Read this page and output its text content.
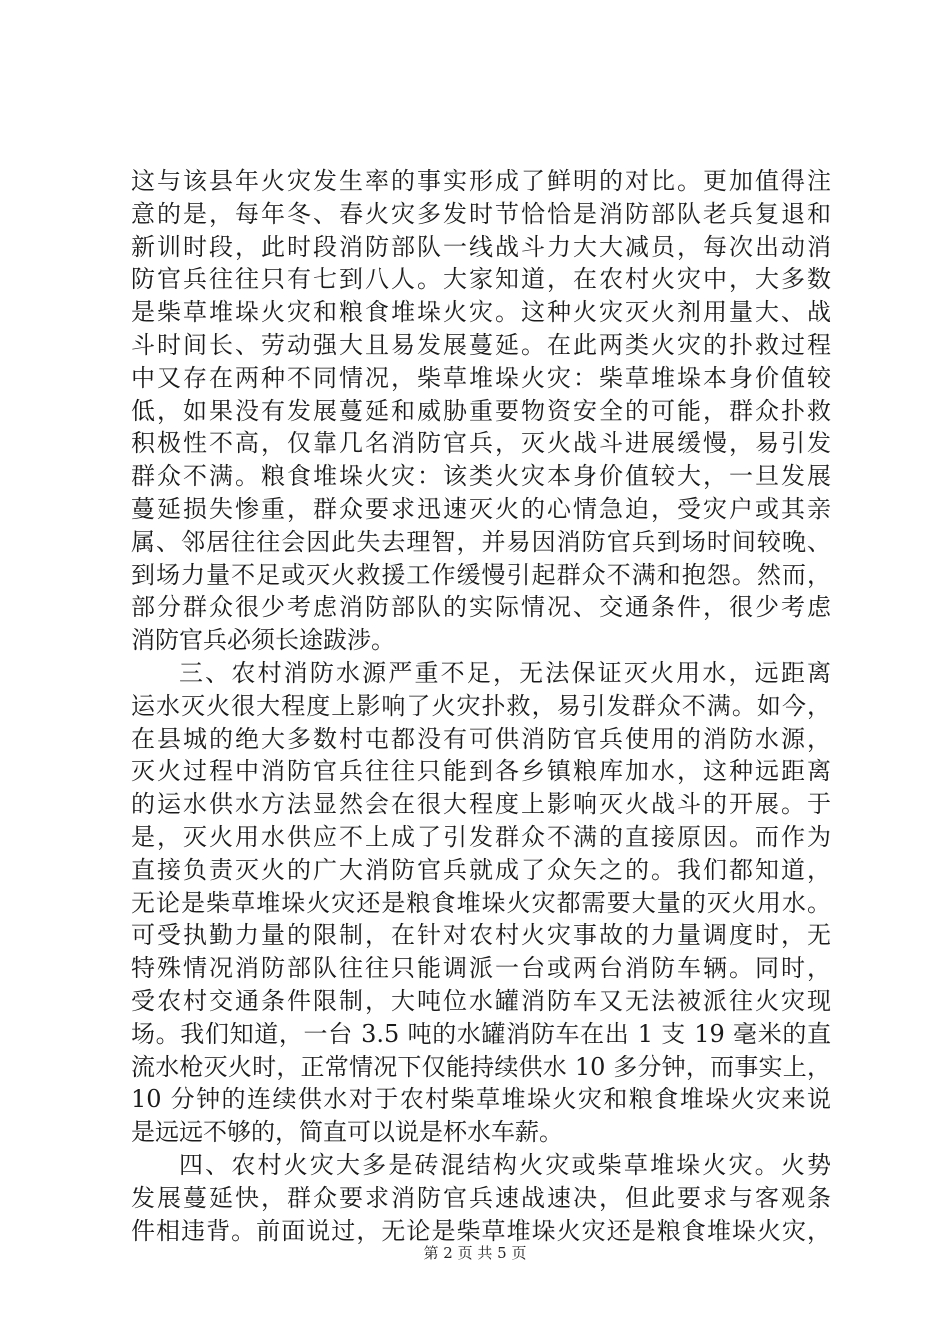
这与该县年火灾发生率的事实形成了鲜明的对比。更加值得注
意的是，每年冬、春火灾多发时节恰恰是消防部队老兵复退和
新训时段，此时段消防部队一线战斗力大大减员，每次出动消
防官兵往往只有七到八人。大家知道，在农村火灾中，大多数
是柴草堆垛火灾和粮食堆垛火灾。这种火灾灭火剂用量大、战
斗时间长、劳动强大且易发展蔓延。在此两类火灾的扑救过程
中又存在两种不同情况，柴草堆垛火灾：柴草堆垛本身价值较
低，如果没有发展蔓延和威胁重要物资安全的可能，群众扑救
积极性不高，仅靠几名消防官兵，灭火战斗进展缓慢，易引发
群众不满。粮食堆垛火灾：该类火灾本身价值较大，一旦发展
蔓延损失惨重，群众要求迅速灭火的心情急迫，受灾户或其亲
属、邻居往往会因此失去理智，并易因消防官兵到场时间较晚、
到场力量不足或灭火救援工作缓慢引起群众不满和抱怨。然而，
部分群众很少考虑消防部队的实际情况、交通条件，很少考虑
消防官兵必须长途跋涉。
三、农村消防水源严重不足，无法保证灭火用水，远距离
运水灭火很大程度上影响了火灾扑救，易引发群众不满。如今，
在县城的绝大多数村屯都没有可供消防官兵使用的消防水源，
灭火过程中消防官兵往往只能到各乡镇粮库加水，这种远距离
的运水供水方法显然会在很大程度上影响灭火战斗的开展。于
是，灭火用水供应不上成了引发群众不满的直接原因。而作为
直接负责灭火的广大消防官兵就成了众矢之的。我们都知道，
无论是柴草堆垛火灾还是粮食堆垛火灾都需要大量的灭火用水。
可受执勤力量的限制，在针对农村火灾事故的力量调度时，无
特殊情况消防部队往往只能调派一台或两台消防车辆。同时，
受农村交通条件限制，大吨位水罐消防车又无法被派往火灾现
场。我们知道，一台 3.5 吨的水罐消防车在出 1 支 19 毫米的直
流水枪灭火时，正常情况下仅能持续供水 10 多分钟，而事实上，
10 分钟的连续供水对于农村柴草堆垛火灾和粮食堆垛火灾来说
是远远不够的，简直可以说是杯水车薪。
四、农村火灾大多是砖混结构火灾或柴草堆垛火灾。火势
发展蔓延快，群众要求消防官兵速战速决，但此要求与客观条
件相违背。前面说过，无论是柴草堆垛火灾还是粮食堆垛火灾，
第 2 页 共 5 页
